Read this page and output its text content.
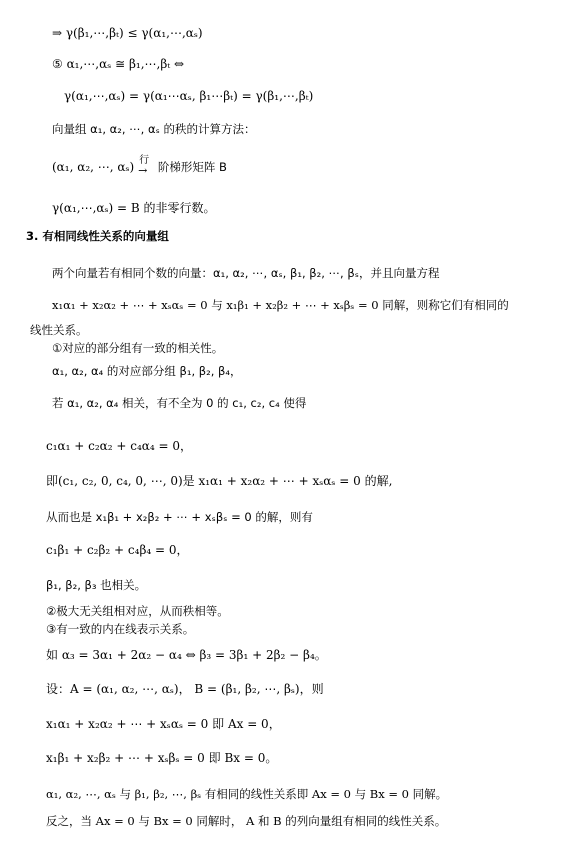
⇒ γ(β₁,⋯,βₜ) ≤ γ(α₁,⋯,αₛ)
⑤ α₁,⋯,αₛ ≅ β₁,⋯,βₜ ⇔
γ(α₁,⋯,αₛ) = γ(α₁⋯αₛ, β₁⋯βₜ) = γ(β₁,⋯,βₜ)
向量组 α₁, α₂, ⋯, αₛ 的秩的计算方法：
(α₁, α₂, ⋯, αₛ) 行
→ 阶梯形矩阵 B
γ(α₁,⋯,αₛ) = B 的非零行数。
3. 有相同线性关系的向量组
两个向量若有相同个数的向量：α₁, α₂, ⋯, αₛ, β₁, β₂, ⋯, βₛ，并且向量方程
x₁α₁ + x₂α₂ + ⋯ + xₛαₛ = 0 与 x₁β₁ + x₂β₂ + ⋯ + xₛβₛ = 0 同解，则称它们有相同的
线性关系。
①对应的部分组有一致的相关性。
α₁, α₂, α₄ 的对应部分组 β₁, β₂, β₄，
若 α₁, α₂, α₄ 相关，有不全为 0 的 c₁, c₂, c₄ 使得
c₁α₁ + c₂α₂ + c₄α₄ = 0，
即(c₁, c₂, 0, c₄, 0, ⋯, 0)是 x₁α₁ + x₂α₂ + ⋯ + xₛαₛ = 0 的解,
从而也是 x₁β₁ + x₂β₂ + ⋯ + xₛβₛ = 0 的解，则有
c₁β₁ + c₂β₂ + c₄β₄ = 0，
β₁, β₂, β₃ 也相关。
②极大无关组相对应，从而秩相等。
③有一致的内在线表示关系。
如 α₃ = 3α₁ + 2α₂ − α₄ ⇔ β₃ = 3β₁ + 2β₂ − β₄。
设：A = (α₁, α₂, ⋯, αₛ)， B = (β₁, β₂, ⋯, βₛ)，则
x₁α₁ + x₂α₂ + ⋯ + xₛαₛ = 0 即 Ax = 0，
x₁β₁ + x₂β₂ + ⋯ + xₛβₛ = 0 即 Bx = 0。
α₁, α₂, ⋯, αₛ 与 β₁, β₂, ⋯, βₛ 有相同的线性关系即 Ax = 0 与 Bx = 0 同解。
反之，当 Ax = 0 与 Bx = 0 同解时， A 和 B 的列向量组有相同的线性关系。
